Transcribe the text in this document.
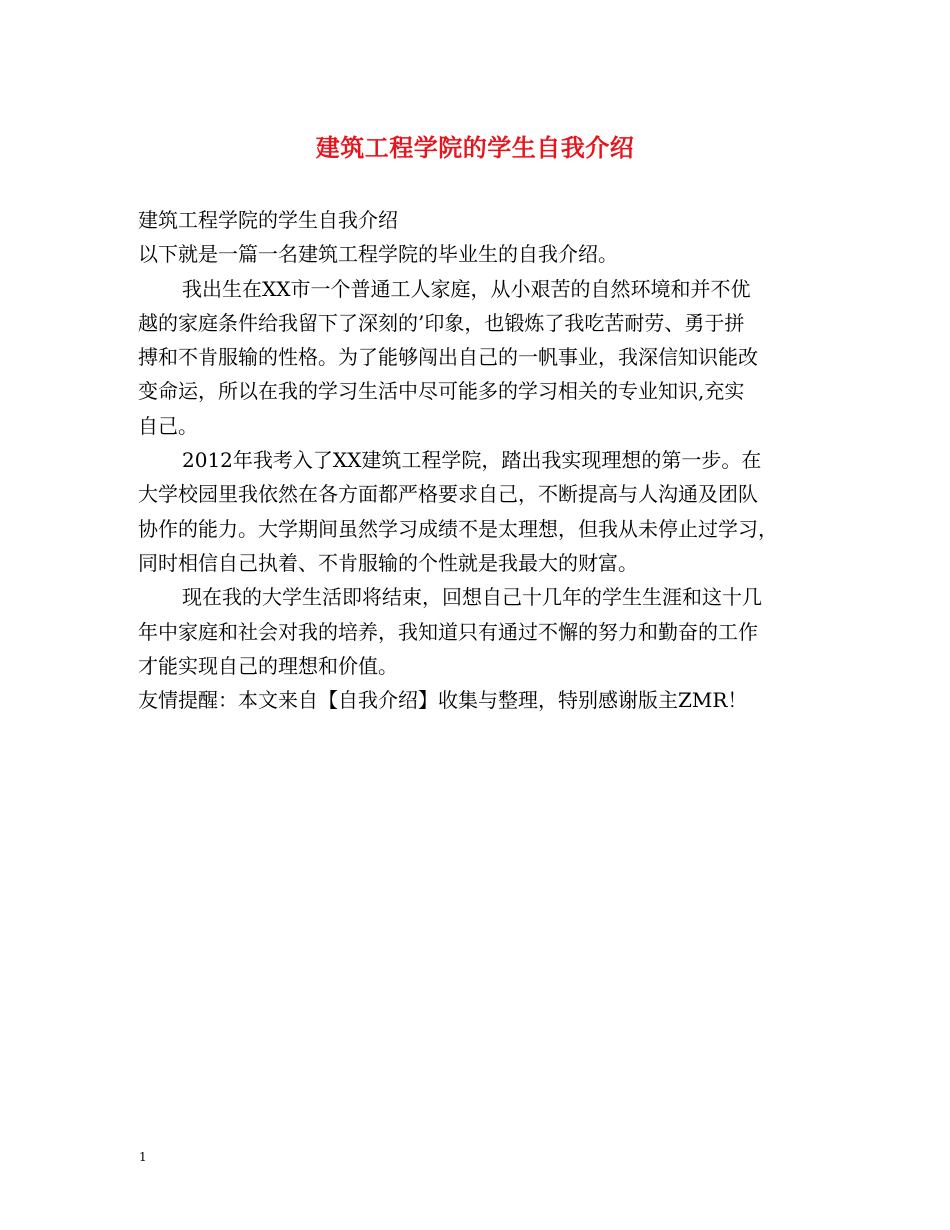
建筑工程学院的学生自我介绍
建筑工程学院的学生自我介绍
以下就是一篇一名建筑工程学院的毕业生的自我介绍。
我出生在XX市一个普通工人家庭，从小艰苦的自然环境和并不优
越的家庭条件给我留下了深刻的’印象，也锻炼了我吃苦耐劳、勇于拼
搏和不肯服输的性格。为了能够闯出自己的一帆事业，我深信知识能改
变命运，所以在我的学习生活中尽可能多的学习相关的专业知识,充实
自己。
2012年我考入了XX建筑工程学院，踏出我实现理想的第一步。在
大学校园里我依然在各方面都严格要求自己，不断提高与人沟通及团队
协作的能力。大学期间虽然学习成绩不是太理想，但我从未停止过学习，
同时相信自己执着、不肯服输的个性就是我最大的财富。
现在我的大学生活即将结束，回想自己十几年的学生生涯和这十几
年中家庭和社会对我的培养，我知道只有通过不懈的努力和勤奋的工作
才能实现自己的理想和价值。
友情提醒：本文来自【自我介绍】收集与整理，特别感谢版主ZMR！
1
